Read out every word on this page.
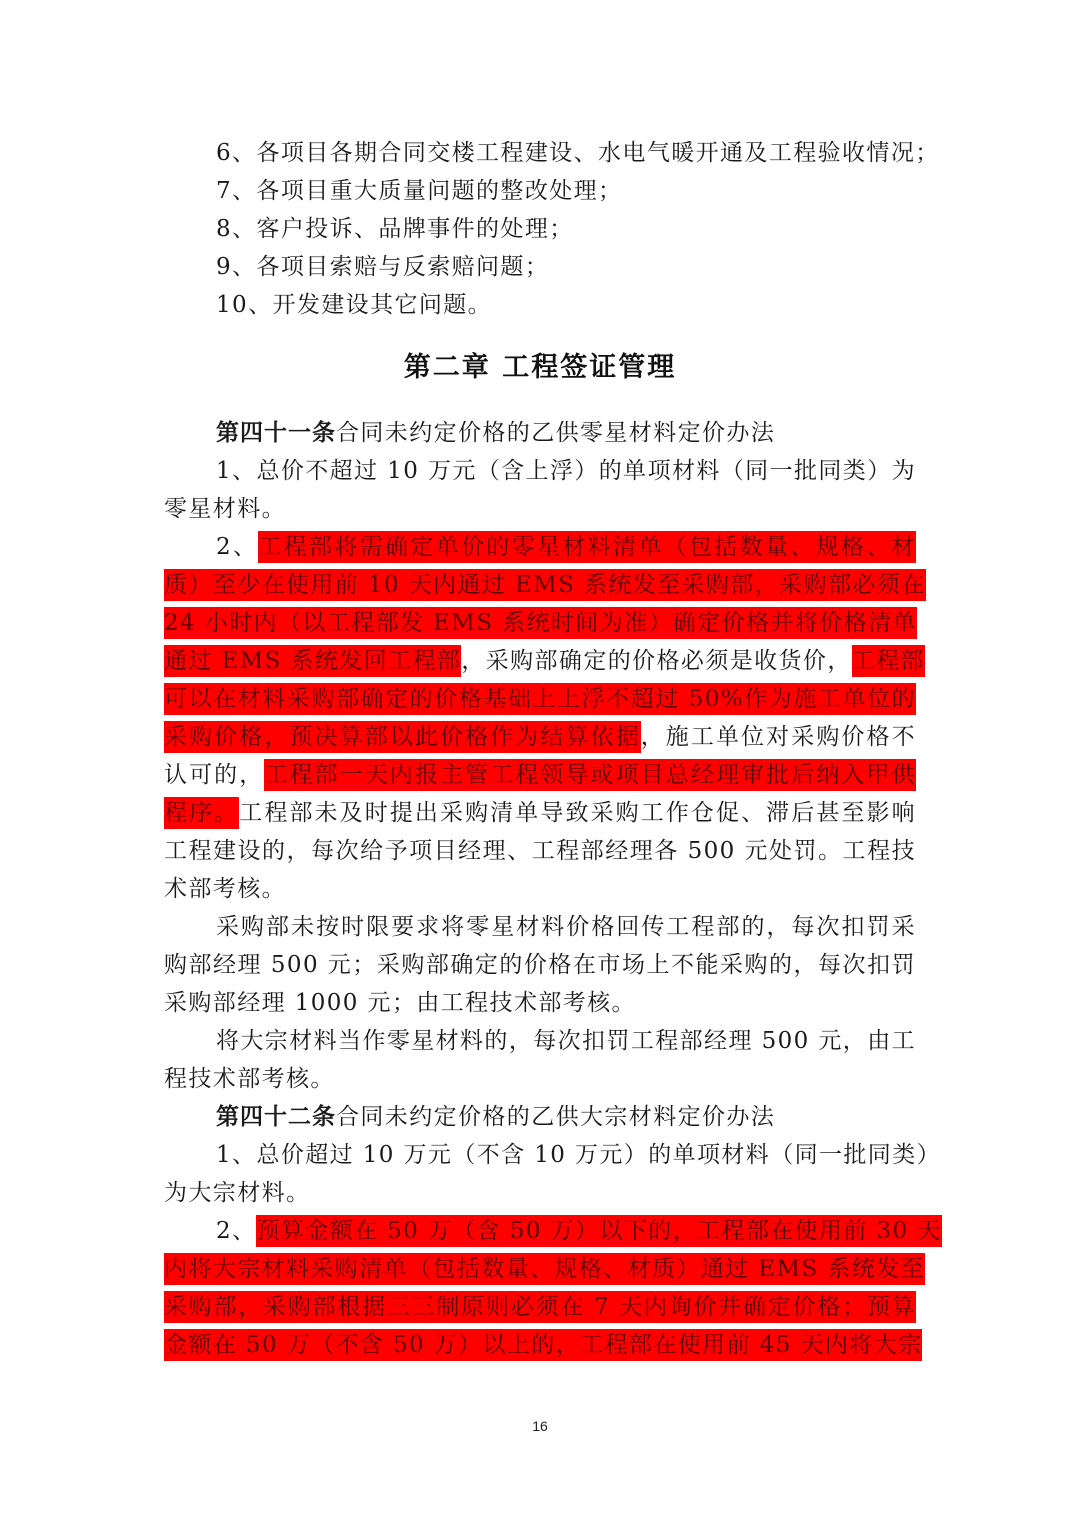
6、各项目各期合同交楼工程建设、水电气暖开通及工程验收情况；
7、各项目重大质量问题的整改处理；
8、客户投诉、品牌事件的处理；
9、各项目索赔与反索赔问题；
10、开发建设其它问题。
第二章 工程签证管理
第四十一条合同未约定价格的乙供零星材料定价办法
1、总价不超过 10 万元（含上浮）的单项材料（同一批同类）为
零星材料。
2、工程部将需确定单价的零星材料清单（包括数量、规格、材
质）至少在使用前 10 天内通过 EMS 系统发至采购部，采购部必须在
24 小时内（以工程部发 EMS 系统时间为准）确定价格并将价格清单
通过 EMS 系统发回工程部，采购部确定的价格必须是收货价，工程部
可以在材料采购部确定的价格基础上上浮不超过 50%作为施工单位的
采购价格，预决算部以此价格作为结算依据，施工单位对采购价格不
认可的，工程部一天内报主管工程领导或项目总经理审批后纳入甲供
程序。工程部未及时提出采购清单导致采购工作仓促、滞后甚至影响
工程建设的，每次给予项目经理、工程部经理各 500 元处罚。工程技
术部考核。
采购部未按时限要求将零星材料价格回传工程部的，每次扣罚采
购部经理 500 元；采购部确定的价格在市场上不能采购的，每次扣罚
采购部经理 1000 元；由工程技术部考核。
将大宗材料当作零星材料的，每次扣罚工程部经理 500 元，由工
程技术部考核。
第四十二条合同未约定价格的乙供大宗材料定价办法
1、总价超过 10 万元（不含 10 万元）的单项材料（同一批同类）
为大宗材料。
2、预算金额在 50 万（含 50 万）以下的，工程部在使用前 30 天
内将大宗材料采购清单（包括数量、规格、材质）通过 EMS 系统发至
采购部，采购部根据三三制原则必须在 7 天内询价并确定价格；预算
金额在 50 万（不含 50 万）以上的，工程部在使用前 45 天内将大宗
16
